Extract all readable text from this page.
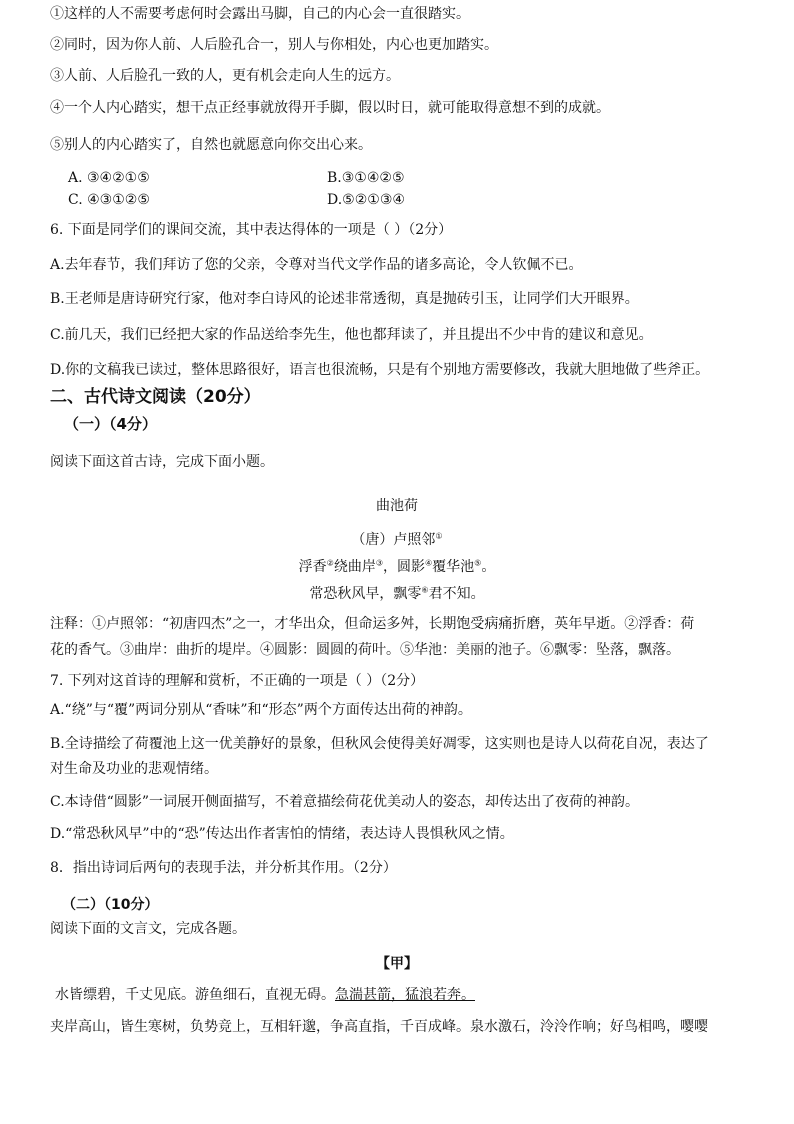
①这样的人不需要考虑何时会露出马脚，自己的内心会一直很踏实。
②同时，因为你人前、人后脸孔合一，别人与你相处，内心也更加踏实。
③人前、人后脸孔一致的人，更有机会走向人生的远方。
④一个人内心踏实，想干点正经事就放得开手脚，假以时日，就可能取得意想不到的成就。
⑤别人的内心踏实了，自然也就愿意向你交出心来。
A. ③④②①⑤	B.③①④②⑤
C. ④③①②⑤	D.⑤②①③④
6. 下面是同学们的课间交流，其中表达得体的一项是（ ）（2分）
A.去年春节，我们拜访了您的父亲，令尊对当代文学作品的诸多高论，令人钦佩不已。
B.王老师是唐诗研究行家，他对李白诗风的论述非常透彻，真是抛砖引玉，让同学们大开眼界。
C.前几天，我们已经把大家的作品送给李先生，他也都拜读了，并且提出不少中肯的建议和意见。
D.你的文稿我已读过，整体思路很好，语言也很流畅，只是有个别地方需要修改，我就大胆地做了些斧正。
二、古代诗文阅读（20分）
（一）（4分）
阅读下面这首古诗，完成下面小题。
曲池荷
（唐）卢照邻①
浮香②绕曲岸③，圆影④覆华池⑤。
常恐秋风早，飘零⑥君不知。
注释：①卢照邻：“初唐四杰”之一，才华出众，但命运多舛，长期饱受病痛折磨，英年早逝。②浮香：荷
花的香气。③曲岸：曲折的堤岸。④圆影：圆圆的荷叶。⑤华池：美丽的池子。⑥飘零：坠落，飘落。
7. 下列对这首诗的理解和赏析，不正确的一项是（ ）（2分）
A.“绕”与“覆”两词分别从“香味”和“形态”两个方面传达出荷的神韵。
B.全诗描绘了荷覆池上这一优美静好的景象，但秋风会使得美好凋零，这实则也是诗人以荷花自况，表达了
对生命及功业的悲观情绪。
C.本诗借“圆影”一词展开侧面描写，不着意描绘荷花优美动人的姿态，却传达出了夜荷的神韵。
D.“常恐秋风早”中的“恐”传达出作者害怕的情绪，表达诗人畏惧秋风之情。
8．指出诗词后两句的表现手法，并分析其作用。（2分）
（二）（10分）
阅读下面的文言文，完成各题。
【甲】
水皆缥碧，千丈见底。游鱼细石，直视无碍。急湍甚箭，猛浪若奔。
夹岸高山，皆生寒树，负势竞上，互相轩邈，争高直指，千百成峰。泉水激石，泠泠作响；好鸟相鸣，嘤嘤
